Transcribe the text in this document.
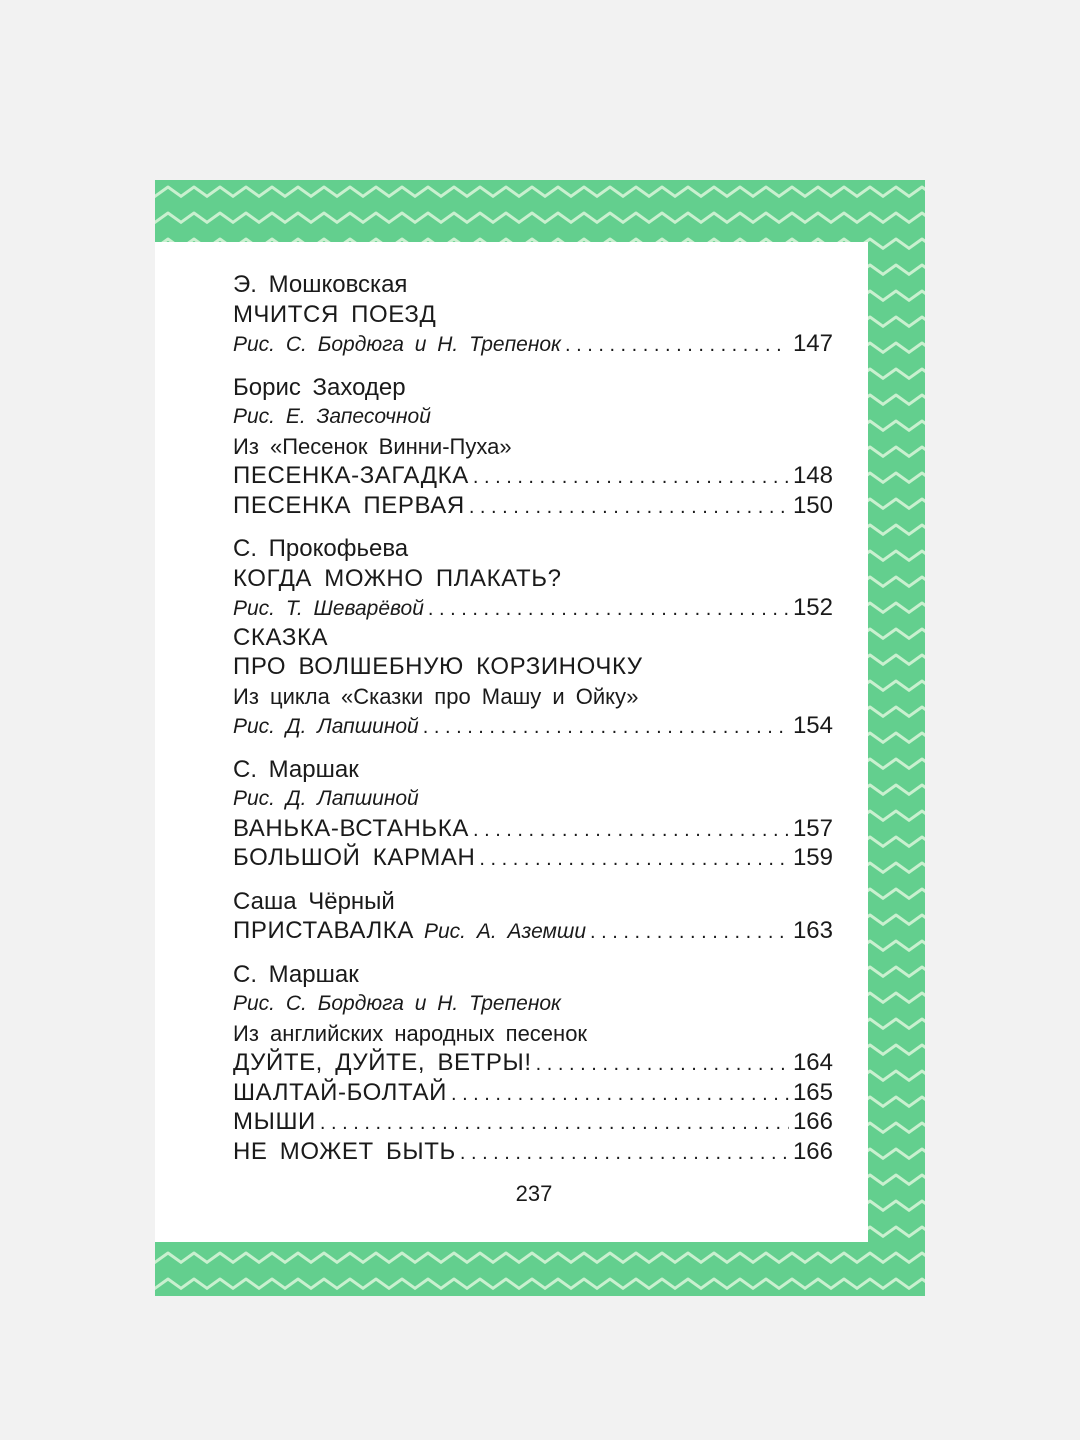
Э. Мошковская
МЧИТСЯ ПОЕЗД
Рис. С. Бордюга и Н. Трепенок . . .	147
Борис Заходер
Рис. Е. Запесочной
Из «Песенок Винни-Пуха»
ПЕСЕНКА-ЗАГАДКА . . .	148
ПЕСЕНКА ПЕРВАЯ . . .	150
С. Прокофьева
КОГДА МОЖНО ПЛАКАТЬ?
Рис. Т. Шеварёвой . . .	152
СКАЗКА
ПРО ВОЛШЕБНУЮ КОРЗИНОЧКУ
Из цикла «Сказки про Машу и Ойку»
Рис. Д. Лапшиной . . .	154
С. Маршак
Рис. Д. Лапшиной
ВАНЬКА-ВСТАНЬКА . . .	157
БОЛЬШОЙ КАРМАН . . .	159
Саша Чёрный
ПРИСТАВАЛКА Рис. А. Аземши . . .	163
С. Маршак
Рис. С. Бордюга и Н. Трепенок
Из английских народных песенок
ДУЙТЕ, ДУЙТЕ, ВЕТРЫ! . . .	164
ШАЛТАЙ-БОЛТАЙ . . .	165
МЫШИ . . .	166
НЕ МОЖЕТ БЫТЬ . . .	166
237
